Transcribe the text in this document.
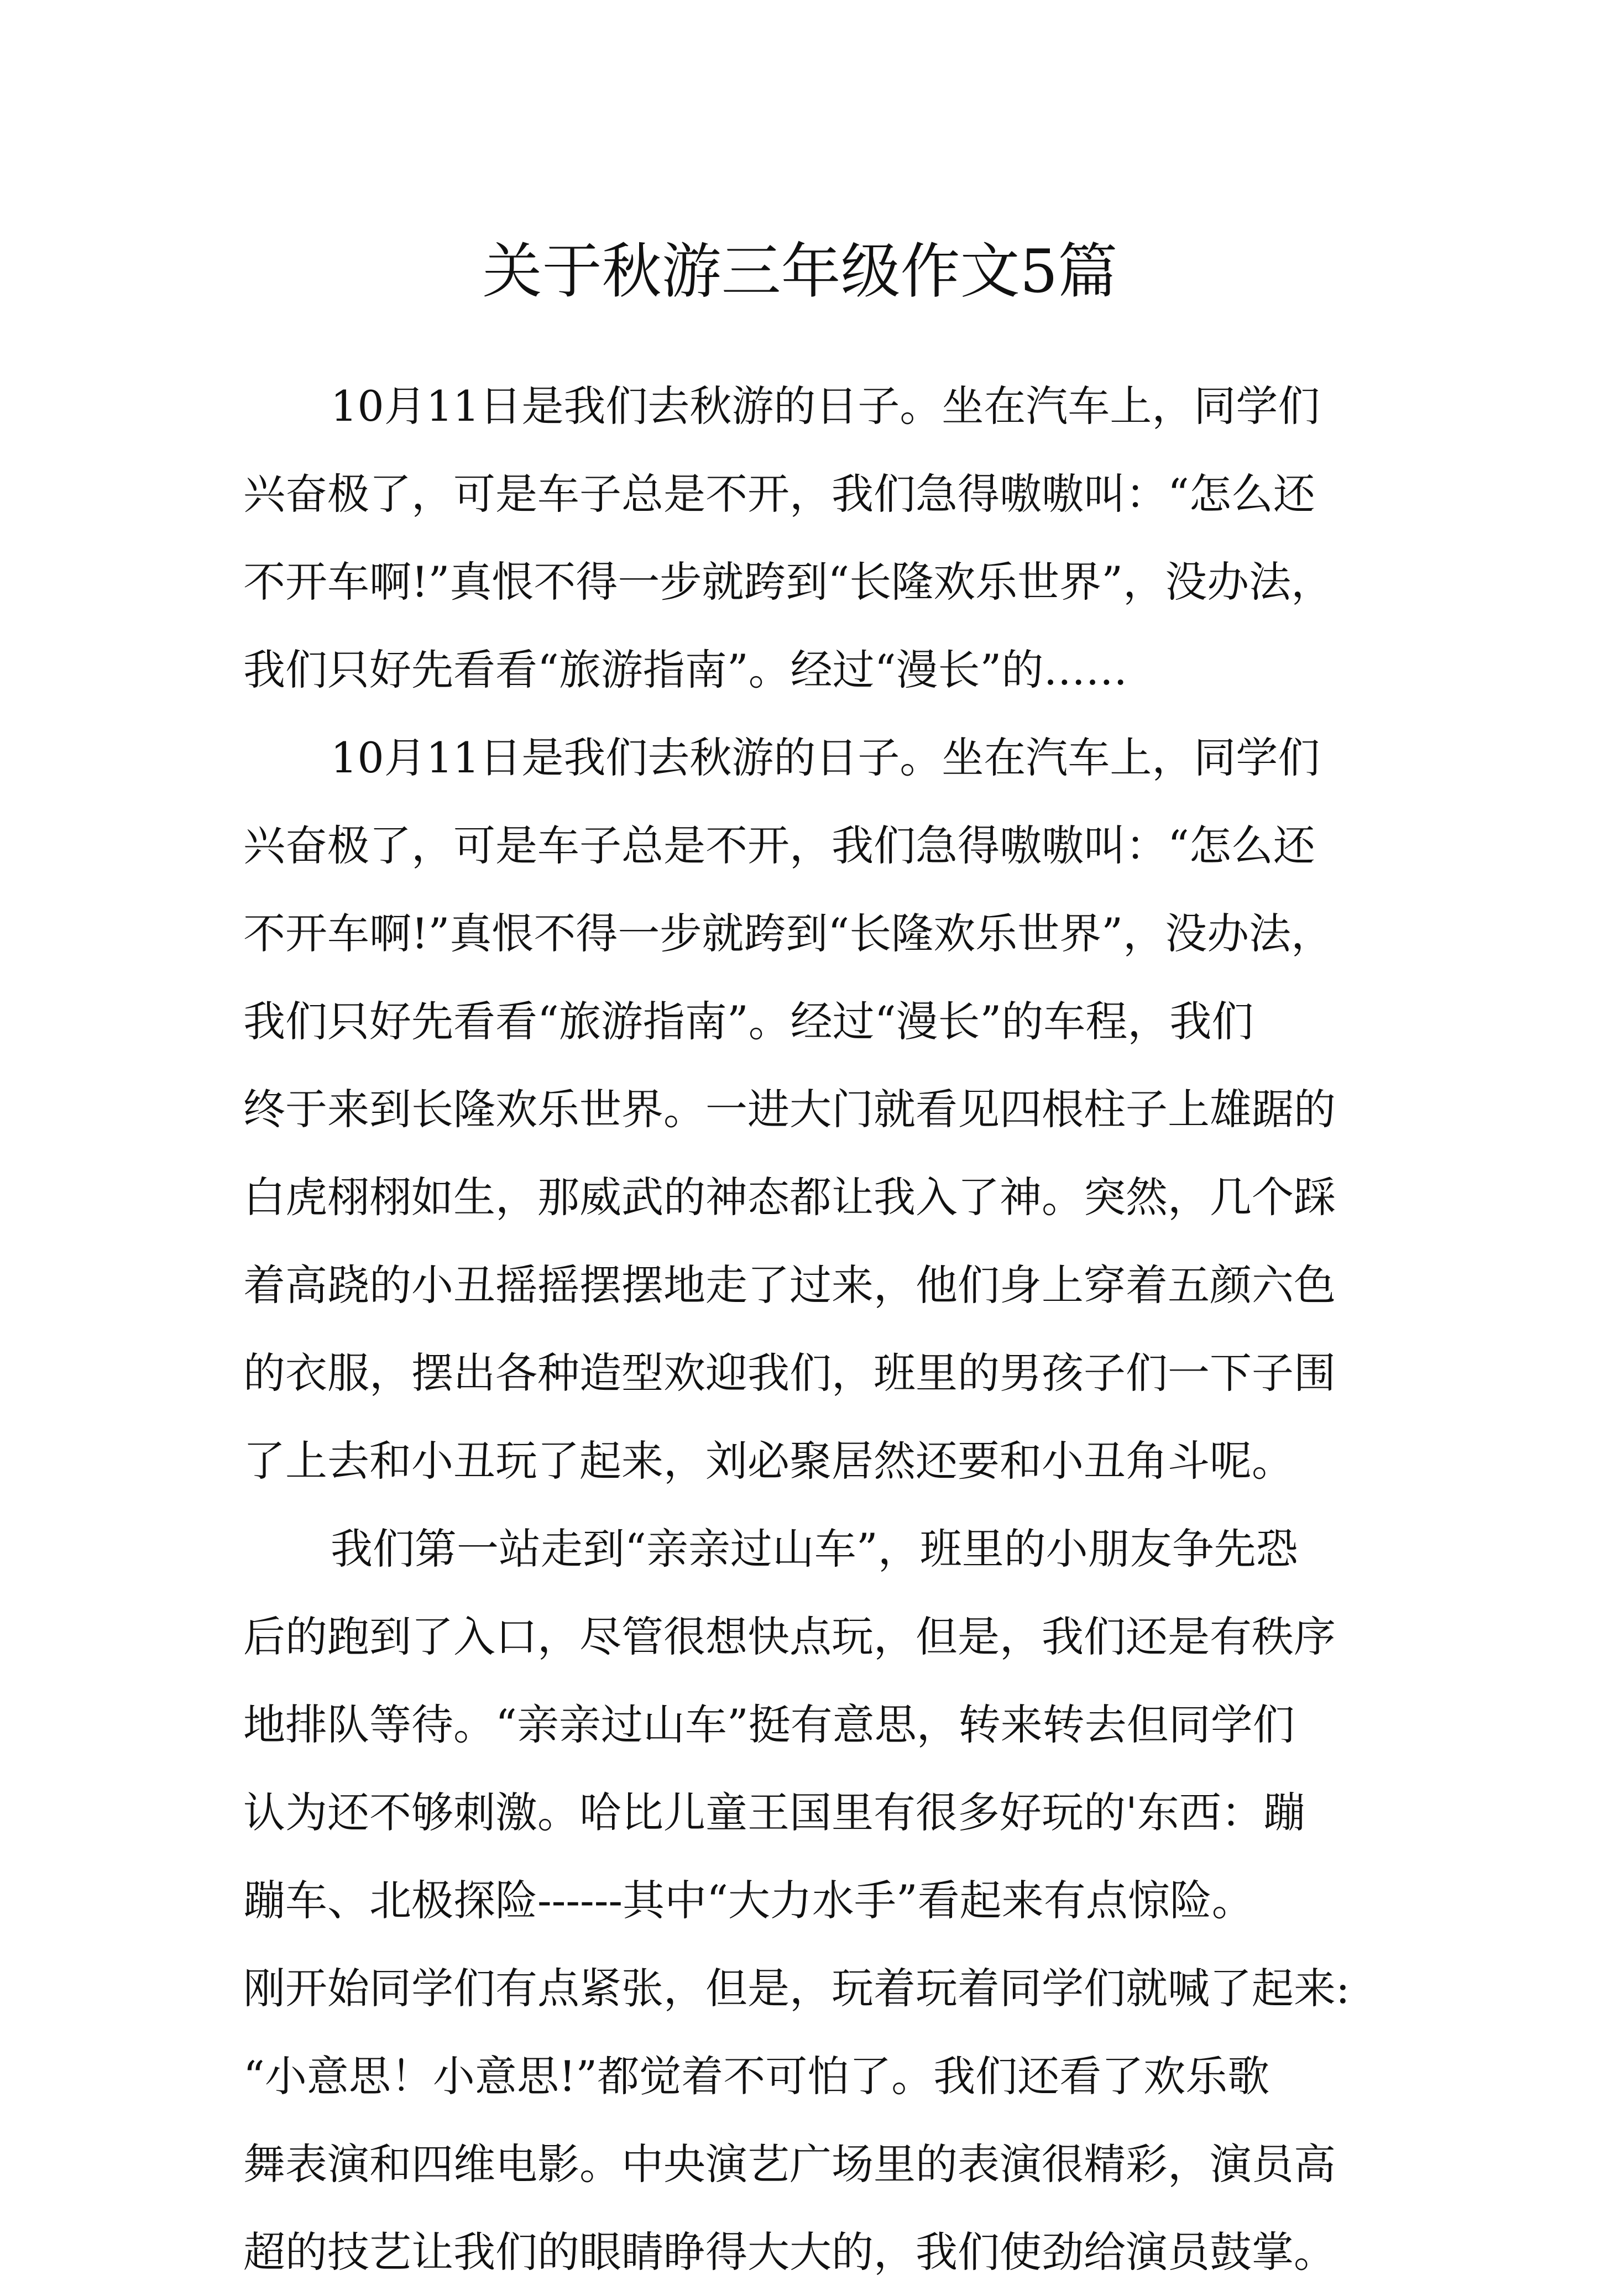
关于秋游三年级作文5篇
10月11日是我们去秋游的日子。坐在汽车上，同学们
兴奋极了，可是车子总是不开，我们急得嗷嗷叫：“怎么还
不开车啊!”真恨不得一步就跨到“长隆欢乐世界”，没办法，
我们只好先看看“旅游指南”。经过“漫长”的……
10月11日是我们去秋游的日子。坐在汽车上，同学们
兴奋极了，可是车子总是不开，我们急得嗷嗷叫：“怎么还
不开车啊!”真恨不得一步就跨到“长隆欢乐世界”，没办法，
我们只好先看看“旅游指南”。经过“漫长”的车程，我们
终于来到长隆欢乐世界。一进大门就看见四根柱子上雄踞的
白虎栩栩如生，那威武的神态都让我入了神。突然，几个踩
着高跷的小丑摇摇摆摆地走了过来，他们身上穿着五颜六色
的衣服，摆出各种造型欢迎我们，班里的男孩子们一下子围
了上去和小丑玩了起来，刘必聚居然还要和小丑角斗呢。
我们第一站走到“亲亲过山车”，班里的小朋友争先恐
后的跑到了入口，尽管很想快点玩，但是，我们还是有秩序
地排队等待。“亲亲过山车”挺有意思，转来转去但同学们
认为还不够刺激。哈比儿童王国里有很多好玩的'东西：蹦
蹦车、北极探险------其中“大力水手”看起来有点惊险。
刚开始同学们有点紧张，但是，玩着玩着同学们就喊了起来:
“小意思！小意思!”都觉着不可怕了。我们还看了欢乐歌
舞表演和四维电影。中央演艺广场里的表演很精彩，演员高
超的技艺让我们的眼睛睁得大大的，我们使劲给演员鼓掌。
